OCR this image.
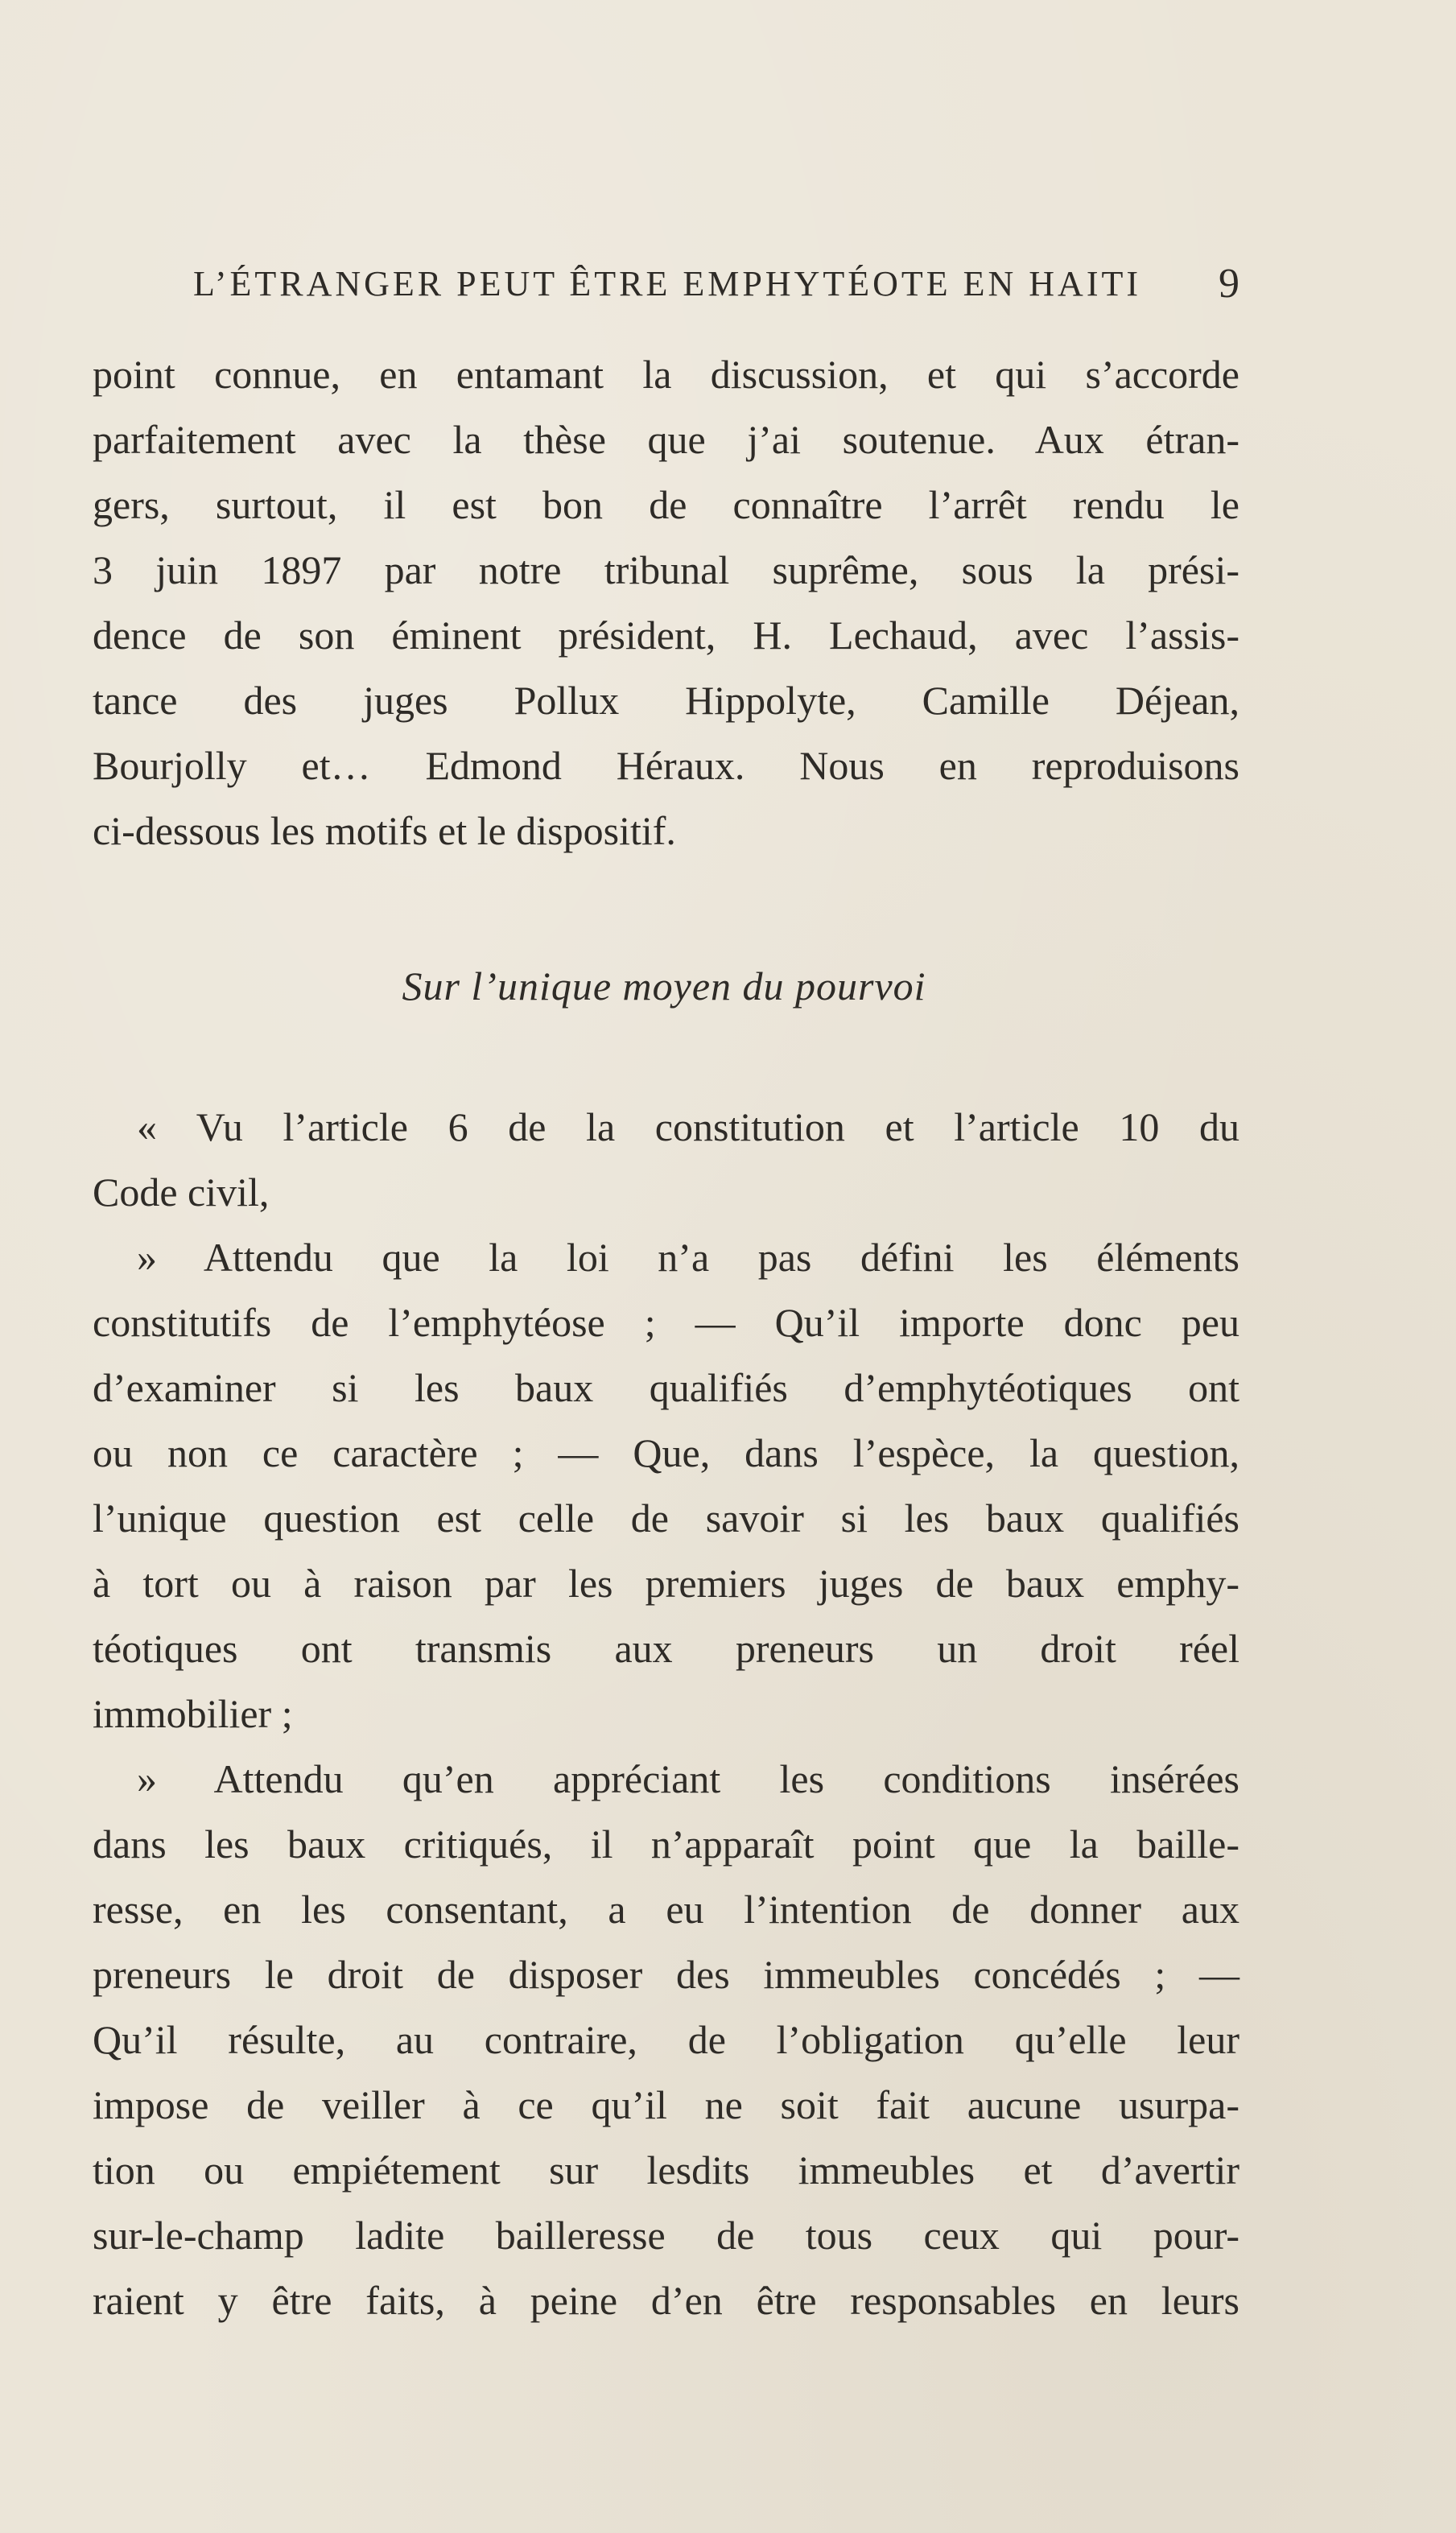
L’ÉTRANGER PEUT ÊTRE EMPHYTÉOTE EN HAITI 9
point connue, en entamant la discussion, et qui s’accorde
parfaitement avec la thèse que j’ai soutenue. Aux étran-
gers, surtout, il est bon de connaître l’arrêt rendu le
3 juin 1897 par notre tribunal suprême, sous la prési-
dence de son éminent président, H. Lechaud, avec l’assis-
tance des juges Pollux Hippolyte, Camille Déjean,
Bourjolly et… Edmond Héraux. Nous en reproduisons
ci-dessous les motifs et le dispositif.
Sur l’unique moyen du pourvoi
« Vu l’article 6 de la constitution et l’article 10 du
Code civil,
» Attendu que la loi n’a pas défini les éléments
constitutifs de l’emphytéose ; — Qu’il importe donc peu
d’examiner si les baux qualifiés d’emphytéotiques ont
ou non ce caractère ; — Que, dans l’espèce, la question,
l’unique question est celle de savoir si les baux qualifiés
à tort ou à raison par les premiers juges de baux emphy-
téotiques ont transmis aux preneurs un droit réel
immobilier ;
» Attendu qu’en appréciant les conditions insérées
dans les baux critiqués, il n’apparaît point que la baille-
resse, en les consentant, a eu l’intention de donner aux
preneurs le droit de disposer des immeubles concédés ; —
Qu’il résulte, au contraire, de l’obligation qu’elle leur
impose de veiller à ce qu’il ne soit fait aucune usurpa-
tion ou empiétement sur lesdits immeubles et d’avertir
sur-le-champ ladite bailleresse de tous ceux qui pour-
raient y être faits, à peine d’en être responsables en leurs
